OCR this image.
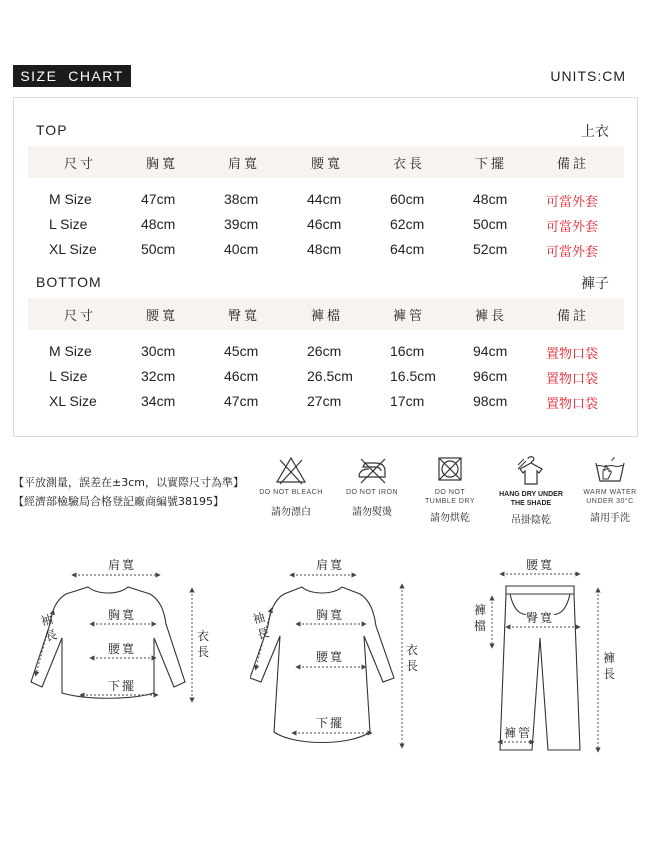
SIZE  CHART	UNITS:CM
TOP	上衣
尺寸	胸寬	肩寬	腰寬	衣長	下擺	備註
M Size	47cm	38cm	44cm	60cm	48cm	可當外套
L Size	48cm	39cm	46cm	62cm	50cm	可當外套
XL Size	50cm	40cm	48cm	64cm	52cm	可當外套
BOTTOM	褲子
尺寸	腰寬	臀寬	褲檔	褲管	褲長	備註
M Size	30cm	45cm	26cm	16cm	94cm	置物口袋
L Size	32cm	46cm	26.5cm	16.5cm	96cm	置物口袋
XL Size	34cm	47cm	27cm	17cm	98cm	置物口袋
【平放測量，誤差在±3cm，以實際尺寸為準】
【經濟部檢驗局合格登記廠商編號38195】
DO NOT BLEACH
請勿漂白
DO NOT IRON
請勿熨燙
DO NOT
TUMBLE DRY
請勿烘乾
HANG DRY UNDER
THE SHADE
吊掛陰乾
WARM WATER
UNDER 30°C
請用手洗
肩寬
胸寬
腰寬
下擺
衣長
袖長
肩寬
胸寬
腰寬
下擺
衣長
袖長
腰寬
臀寬
褲檔
褲管
褲長
